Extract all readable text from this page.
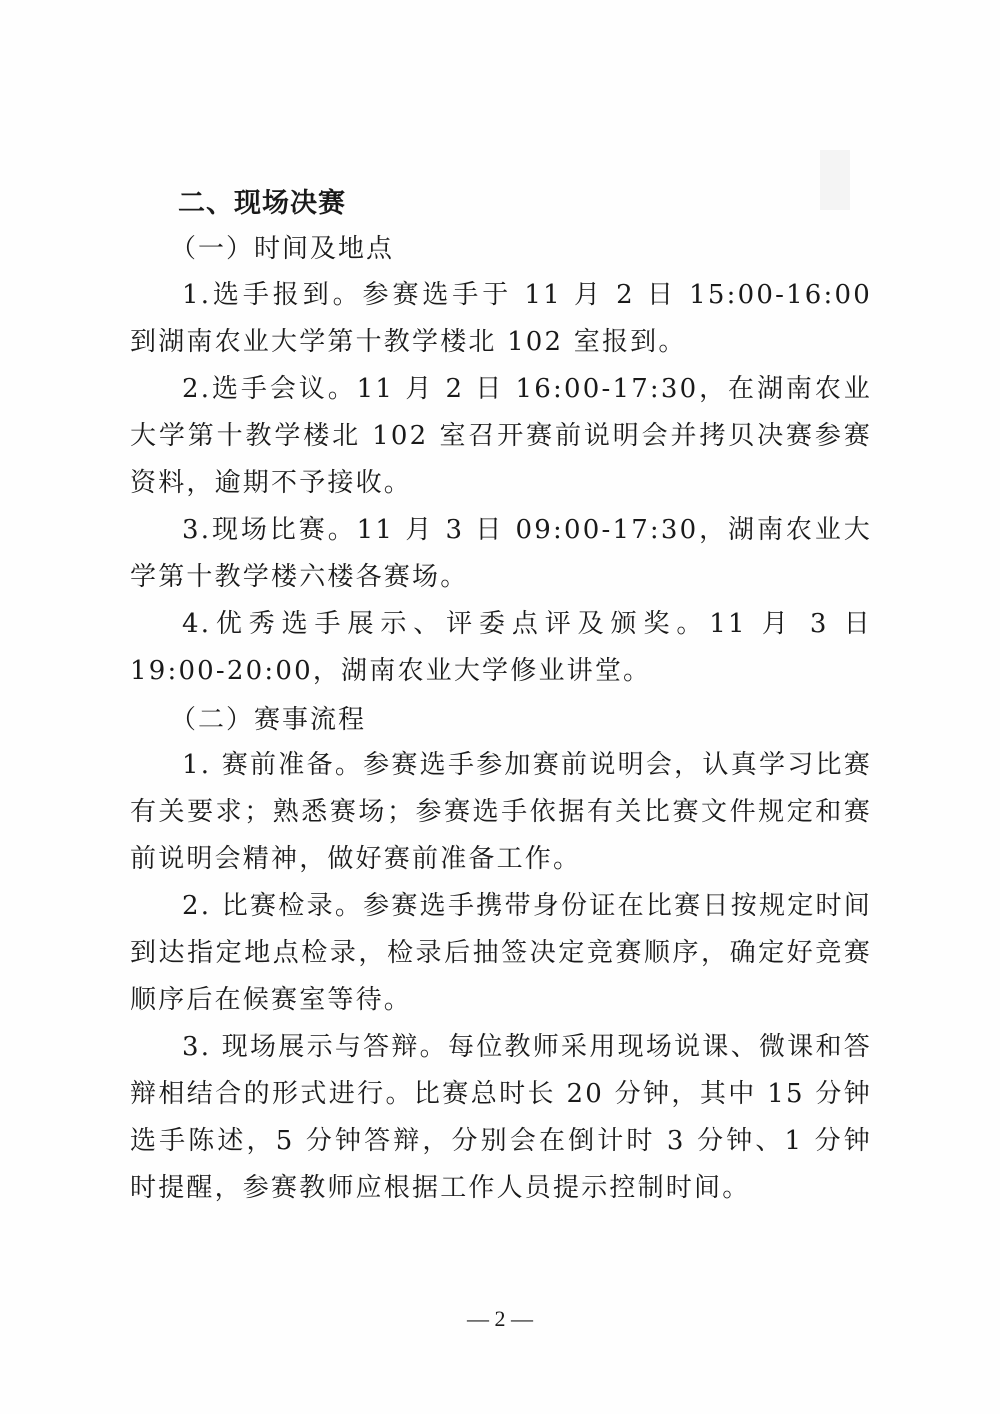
二、现场决赛
（一）时间及地点
1.选手报到。参赛选手于 11 月 2 日 15:00-16:00 到湖南农业大学第十教学楼北 102 室报到。
2.选手会议。11 月 2 日 16:00-17:30，在湖南农业大学第十教学楼北 102 室召开赛前说明会并拷贝决赛参赛资料，逾期不予接收。
3.现场比赛。11 月 3 日 09:00-17:30，湖南农业大学第十教学楼六楼各赛场。
4.优秀选手展示、评委点评及颁奖。11 月 3 日 19:00-20:00，湖南农业大学修业讲堂。
（二）赛事流程
1. 赛前准备。参赛选手参加赛前说明会，认真学习比赛有关要求；熟悉赛场；参赛选手依据有关比赛文件规定和赛前说明会精神，做好赛前准备工作。
2. 比赛检录。参赛选手携带身份证在比赛日按规定时间到达指定地点检录，检录后抽签决定竞赛顺序，确定好竞赛顺序后在候赛室等待。
3. 现场展示与答辩。每位教师采用现场说课、微课和答辩相结合的形式进行。比赛总时长 20 分钟，其中 15 分钟选手陈述，5 分钟答辩，分别会在倒计时 3 分钟、1 分钟时提醒，参赛教师应根据工作人员提示控制时间。
— 2 —
